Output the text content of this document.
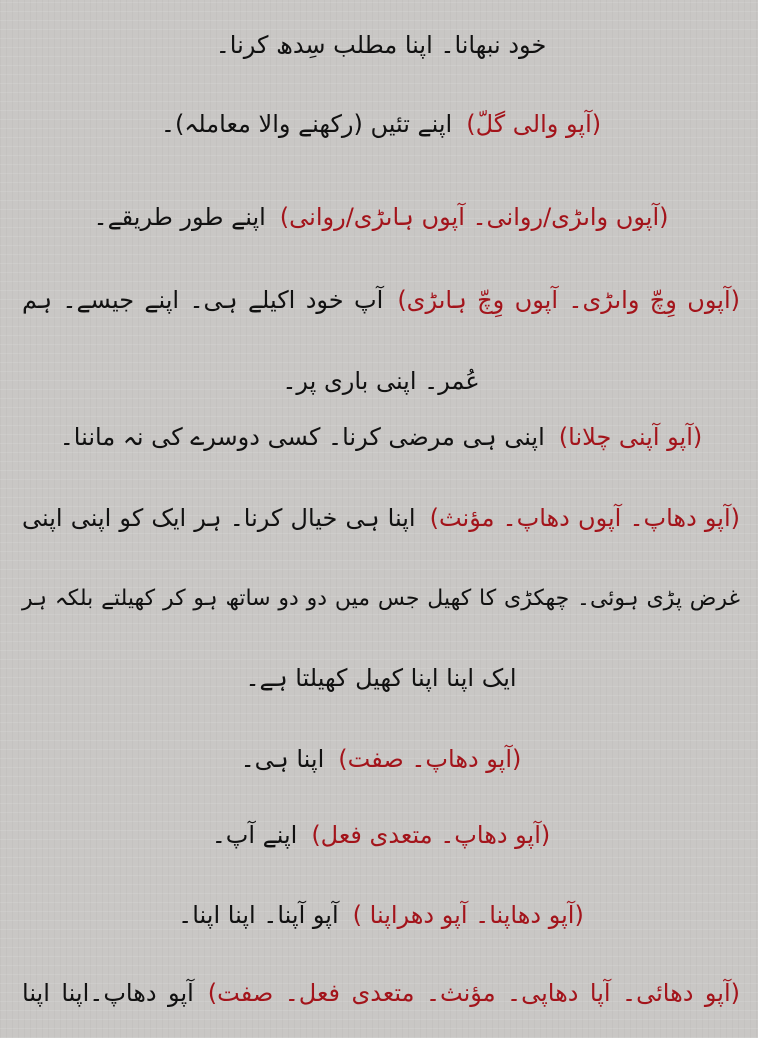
خود نبھانا۔ اپنا مطلب سِدھ کرنا۔
(آپو والی گلّ)اپنے تئیں (رکھنے والا معاملہ)۔
(آپوں واںڑی/روانی۔ آپوں ہاںڑی/روانی)اپنے طور طریقے۔
(آپوں وِچّ واںڑی۔ آپوں وِچّ ہاںڑی)آپ خود اکیلے ہی۔ اپنے جیسے۔ ہم
عُمر۔ اپنی باری پر۔
(آپو آپنی چلانا)اپنی ہی مرضی کرنا۔ کسی دوسرے کی نہ ماننا۔
(آپو دھاپ۔ آپوں دھاپ۔ مؤنث)اپنا ہی خیال کرنا۔ ہر ایک کو اپنی اپنی
غرض پڑی ہوئی۔ چھکڑی کا کھیل جس میں دو دو ساتھ ہو کر کھیلتے بلکہ ہر
ایک اپنا اپنا کھیل کھیلتا ہے۔
(آپو دھاپ۔ صفت)اپنا ہی۔
(آپو دھاپ۔ متعدی فعل)اپنے آپ۔
(آپو دھاپنا۔ آپو دھراپنا )آپو آپنا۔ اپنا اپنا۔
(آپو دھائی۔ آپا دھاپی۔ مؤنث۔ متعدی فعل۔ صفت)آپو دھاپ۔اپنا اپنا
